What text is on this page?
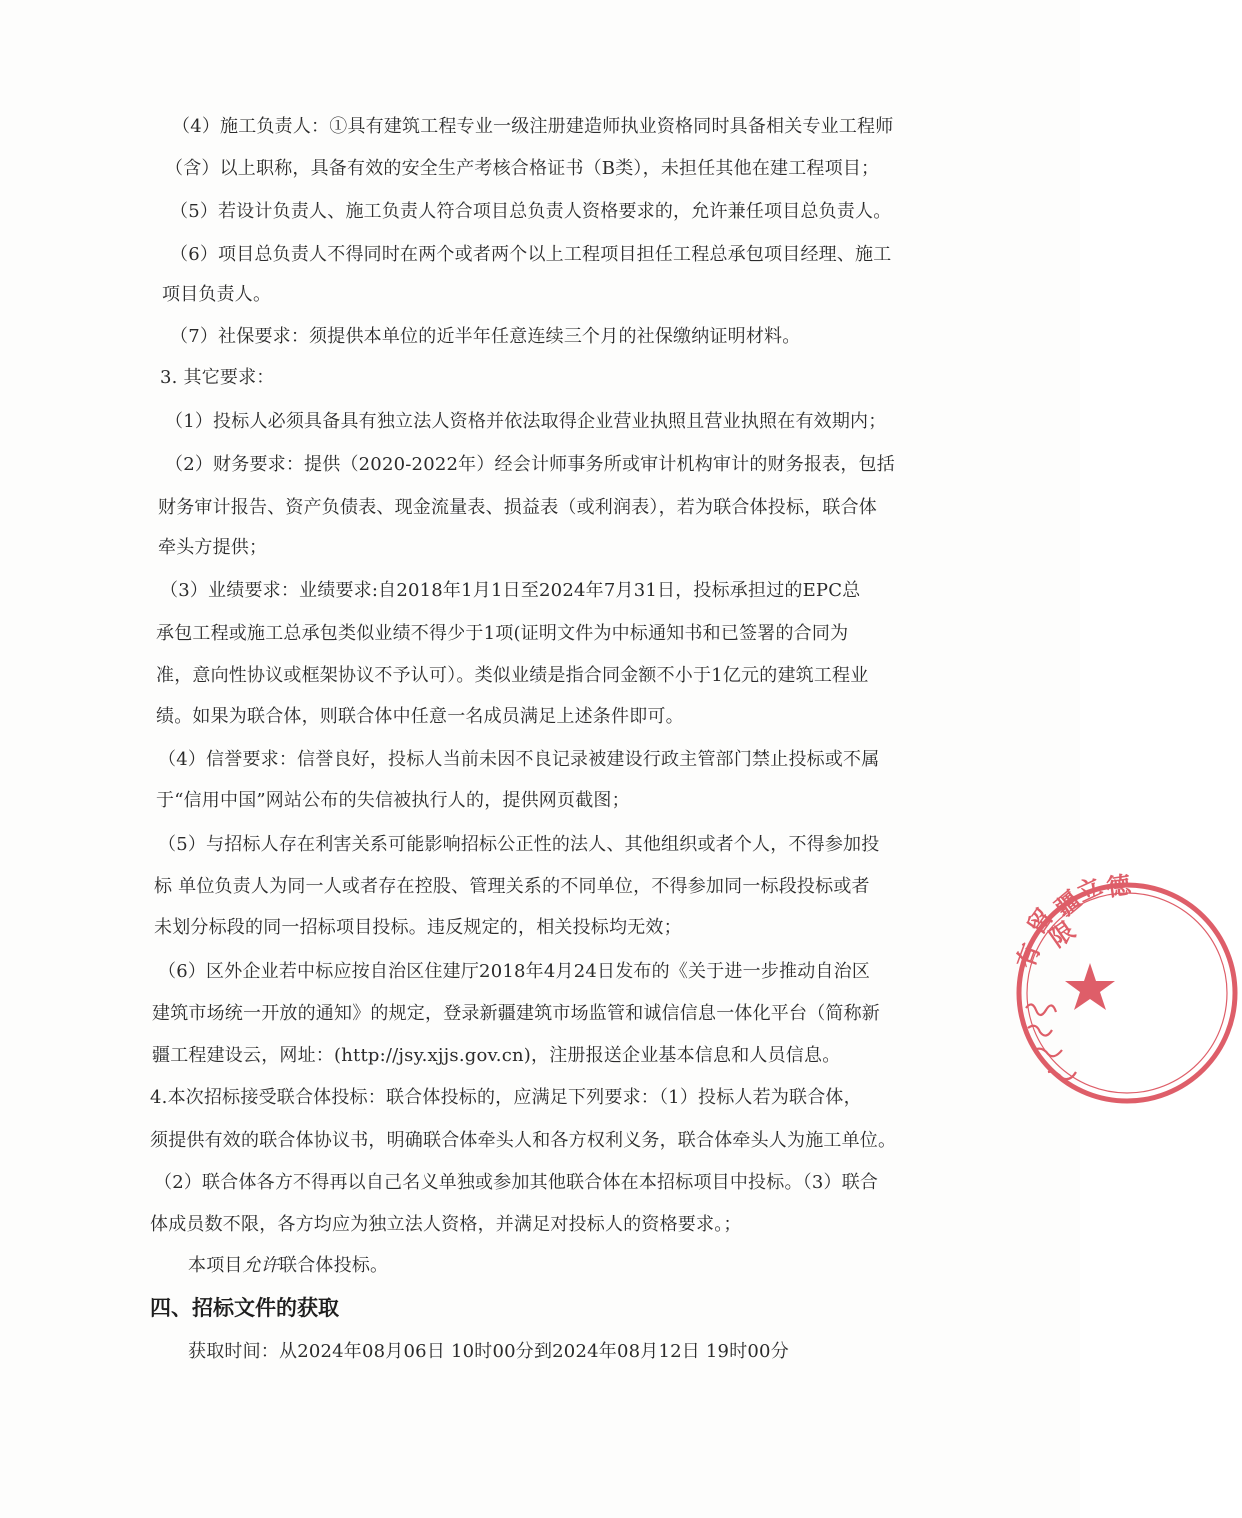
（4）施工负责人：①具有建筑工程专业一级注册建造师执业资格同时具备相关专业工程师
（含）以上职称，具备有效的安全生产考核合格证书（B类），未担任其他在建工程项目；
（5）若设计负责人、施工负责人符合项目总负责人资格要求的，允许兼任项目总负责人。
（6）项目总负责人不得同时在两个或者两个以上工程项目担任工程总承包项目经理、施工
项目负责人。
（7）社保要求：须提供本单位的近半年任意连续三个月的社保缴纳证明材料。
3. 其它要求：
（1）投标人必须具备具有独立法人资格并依法取得企业营业执照且营业执照在有效期内；
（2）财务要求：提供（2020-2022年）经会计师事务所或审计机构审计的财务报表，包括
财务审计报告、资产负债表、现金流量表、损益表（或利润表），若为联合体投标，联合体
牵头方提供；
（3）业绩要求：业绩要求:自2018年1月1日至2024年7月31日，投标承担过的EPC总
承包工程或施工总承包类似业绩不得少于1项(证明文件为中标通知书和已签署的合同为
准，意向性协议或框架协议不予认可）。类似业绩是指合同金额不小于1亿元的建筑工程业
绩。如果为联合体，则联合体中任意一名成员满足上述条件即可。
（4）信誉要求：信誉良好，投标人当前未因不良记录被建设行政主管部门禁止投标或不属
于“信用中国”网站公布的失信被执行人的，提供网页截图；
（5）与招标人存在利害关系可能影响招标公正性的法人、其他组织或者个人，不得参加投
标 单位负责人为同一人或者存在控股、管理关系的不同单位，不得参加同一标段投标或者
未划分标段的同一招标项目投标。违反规定的，相关投标均无效；
（6）区外企业若中标应按自治区住建厅2018年4月24日发布的《关于进一步推动自治区
建筑市场统一开放的通知》的规定，登录新疆建筑市场监管和诚信信息一体化平台（简称新
疆工程建设云，网址：(http://jsy.xjjs.gov.cn)，注册报送企业基本信息和人员信息。
4.本次招标接受联合体投标：联合体投标的，应满足下列要求：（1）投标人若为联合体，
须提供有效的联合体协议书，明确联合体牵头人和各方权利义务，联合体牵头人为施工单位。
（2）联合体各方不得再以自己名义单独或参加其他联合体在本招标项目中投标。（3）联合
体成员数不限，各方均应为独立法人资格，并满足对投标人的资格要求。；
本项目允许联合体投标。
四、招标文件的获取
获取时间：从2024年08月06日 10时00分到2024年08月12日 19时00分
疆
留
立
德
有
限
